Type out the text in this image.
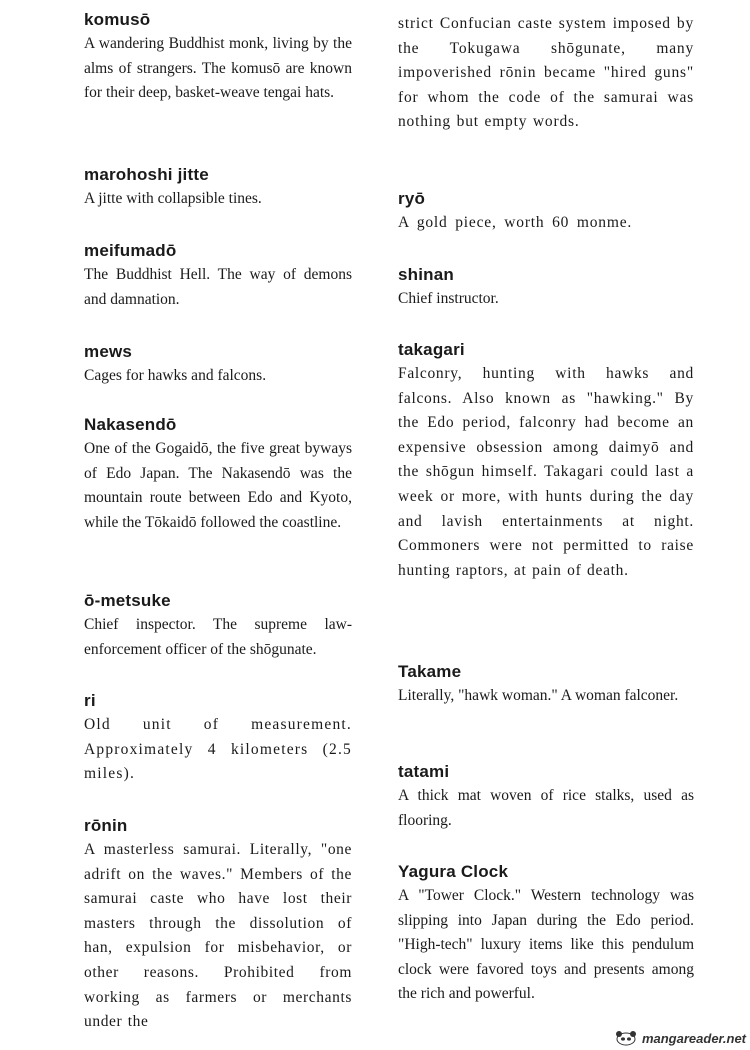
komusō

A wandering Buddhist monk, living by the alms of strangers. The komusō are known for their deep, basket-weave tengai hats.

marohoshi jitte

A jitte with collapsible tines.

meifumadō

The Buddhist Hell. The way of demons and damnation.

mews

Cages for hawks and falcons.

Nakasendō

One of the Gogaidō, the five great byways of Edo Japan. The Nakasendō was the mountain route between Edo and Kyoto, while the Tōkaidō followed the coastline.

ō-metsuke

Chief inspector. The supreme law-enforcement officer of the shōgunate.

ri

Old unit of measurement. Approximately 4 kilometers (2.5 miles).

rōnin

A masterless samurai. Literally, "one adrift on the waves." Members of the samurai caste who have lost their masters through the dissolution of han, expulsion for misbehavior, or other reasons. Prohibited from working as farmers or merchants under the

strict Confucian caste system imposed by the Tokugawa shōgunate, many impoverished rōnin became "hired guns" for whom the code of the samurai was nothing but empty words.

ryō

A gold piece, worth 60 monme.

shinan

Chief instructor.

takagari

Falconry, hunting with hawks and falcons. Also known as "hawking." By the Edo period, falconry had become an expensive obsession among daimyō and the shōgun himself. Takagari could last a week or more, with hunts during the day and lavish entertainments at night. Commoners were not permitted to raise hunting raptors, at pain of death.

Takame

Literally, "hawk woman." A woman falconer.

tatami

A thick mat woven of rice stalks, used as flooring.

Yagura Clock

A "Tower Clock." Western technology was slipping into Japan during the Edo period. "High-tech" luxury items like this pendulum clock were favored toys and presents among the rich and powerful.

mangareader.net
